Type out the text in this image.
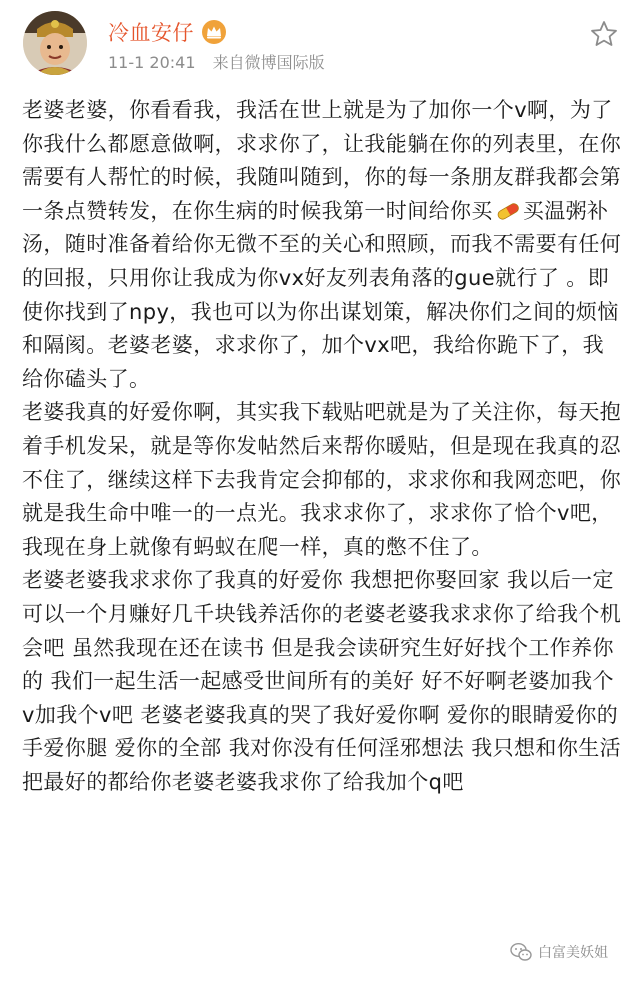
冷血安仔
11-1 20:41 来自微博国际版

老婆老婆，你看看我，我活在世上就是为了加你一个v啊，为了你我什么都愿意做啊，求求你了，让我能躺在你的列表里，在你需要有人帮忙的时候，我随叫随到，你的每一条朋友群我都会第一条点赞转发，在你生病的时候我第一时间给你买 买温粥补汤，随时准备着给你无微不至的关心和照顾，而我不需要有任何的回报，只用你让我成为你vx好友列表角落的gue就行了 。即使你找到了npy，我也可以为你出谋划策，解决你们之间的烦恼和隔阂。老婆老婆，求求你了，加个vx吧，我给你跪下了，我给你磕头了。

老婆我真的好爱你啊，其实我下载贴吧就是为了关注你，每天抱着手机发呆，就是等你发帖然后来帮你暖贴，但是现在我真的忍不住了，继续这样下去我肯定会抑郁的，求求你和我网恋吧，你就是我生命中唯一的一点光。我求求你了，求求你了恰个v吧，我现在身上就像有蚂蚁在爬一样，真的憋不住了。

老婆老婆我求求你了我真的好爱你 我想把你娶回家 我以后一定可以一个月赚好几千块钱养活你的老婆老婆我求求你了给我个机会吧 虽然我现在还在读书 但是我会读研究生好好找个工作养你的 我们一起生活一起感受世间所有的美好 好不好啊老婆加我个v加我个v吧 老婆老婆我真的哭了我好爱你啊 爱你的眼睛爱你的手爱你腿 爱你的全部 我对你没有任何淫邪想法 我只想和你生活 把最好的都给你老婆老婆我求你了给我加个q吧

白富美妖姐
